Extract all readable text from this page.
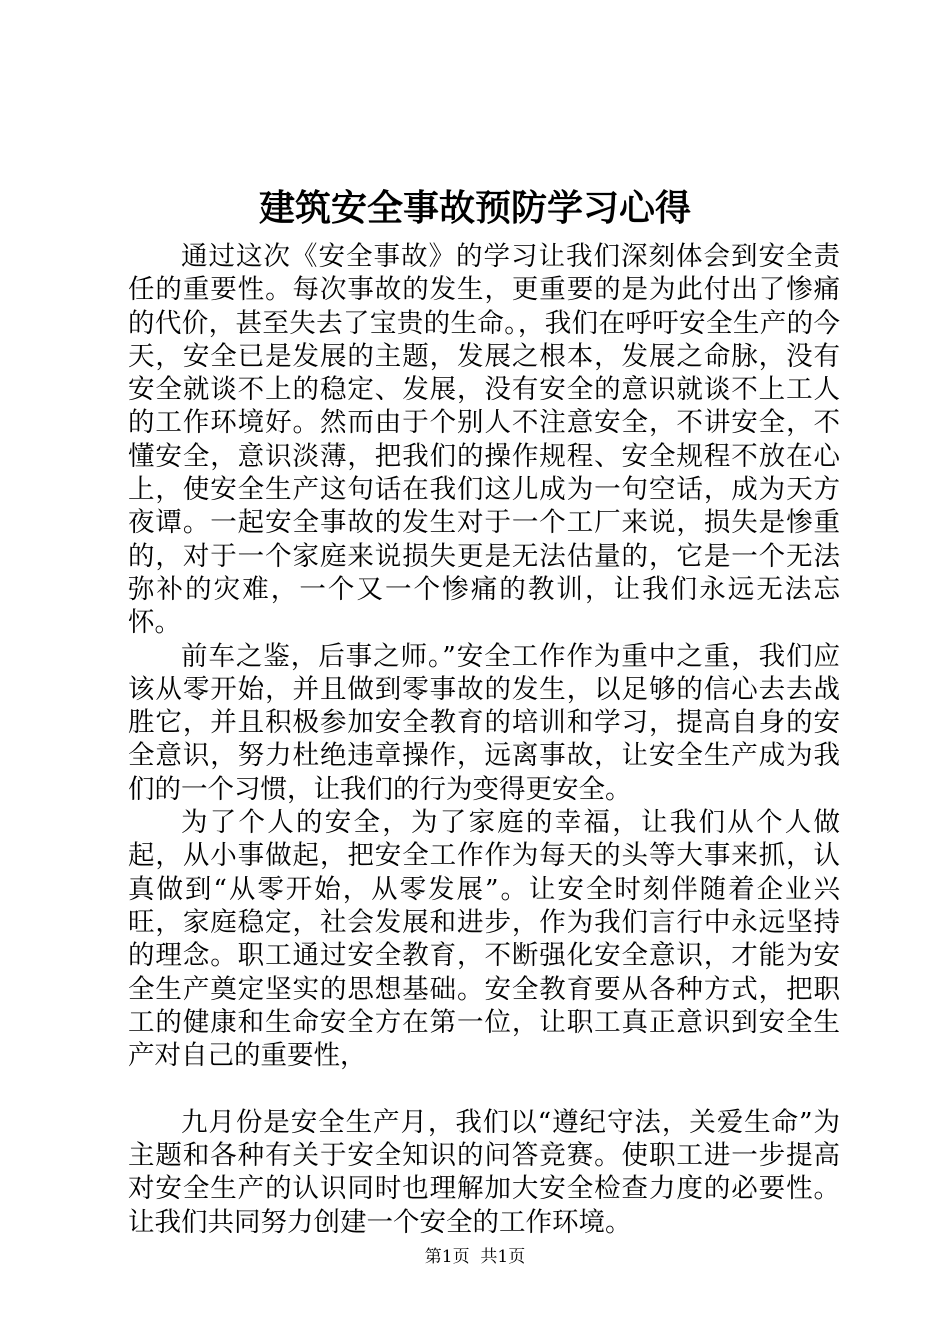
建筑安全事故预防学习心得

通过这次《安全事故》的学习让我们深刻体会到安全责任的重要性。每次事故的发生，更重要的是为此付出了惨痛的代价，甚至失去了宝贵的生命。，我们在呼吁安全生产的今天，安全已是发展的主题，发展之根本，发展之命脉，没有安全就谈不上的稳定、发展，没有安全的意识就谈不上工人的工作环境好。然而由于个别人不注意安全，不讲安全，不懂安全，意识淡薄，把我们的操作规程、安全规程不放在心上，使安全生产这句话在我们这儿成为一句空话，成为天方夜谭。一起安全事故的发生对于一个工厂来说，损失是惨重的，对于一个家庭来说损失更是无法估量的，它是一个无法弥补的灾难，一个又一个惨痛的教训，让我们永远无法忘怀。

前车之鉴，后事之师。”安全工作作为重中之重，我们应该从零开始，并且做到零事故的发生，以足够的信心去去战胜它，并且积极参加安全教育的培训和学习，提高自身的安全意识，努力杜绝违章操作，远离事故，让安全生产成为我们的一个习惯，让我们的行为变得更安全。

为了个人的安全，为了家庭的幸福，让我们从个人做起，从小事做起，把安全工作作为每天的头等大事来抓，认真做到“从零开始，从零发展”。让安全时刻伴随着企业兴旺，家庭稳定，社会发展和进步，作为我们言行中永远坚持的理念。职工通过安全教育，不断强化安全意识，才能为安全生产奠定坚实的思想基础。安全教育要从各种方式，把职工的健康和生命安全方在第一位，让职工真正意识到安全生产对自己的重要性，

九月份是安全生产月，我们以“遵纪守法，关爱生命”为主题和各种有关于安全知识的问答竞赛。使职工进一步提高对安全生产的认识同时也理解加大安全检查力度的必要性。让我们共同努力创建一个安全的工作环境。

第1页  共1页
